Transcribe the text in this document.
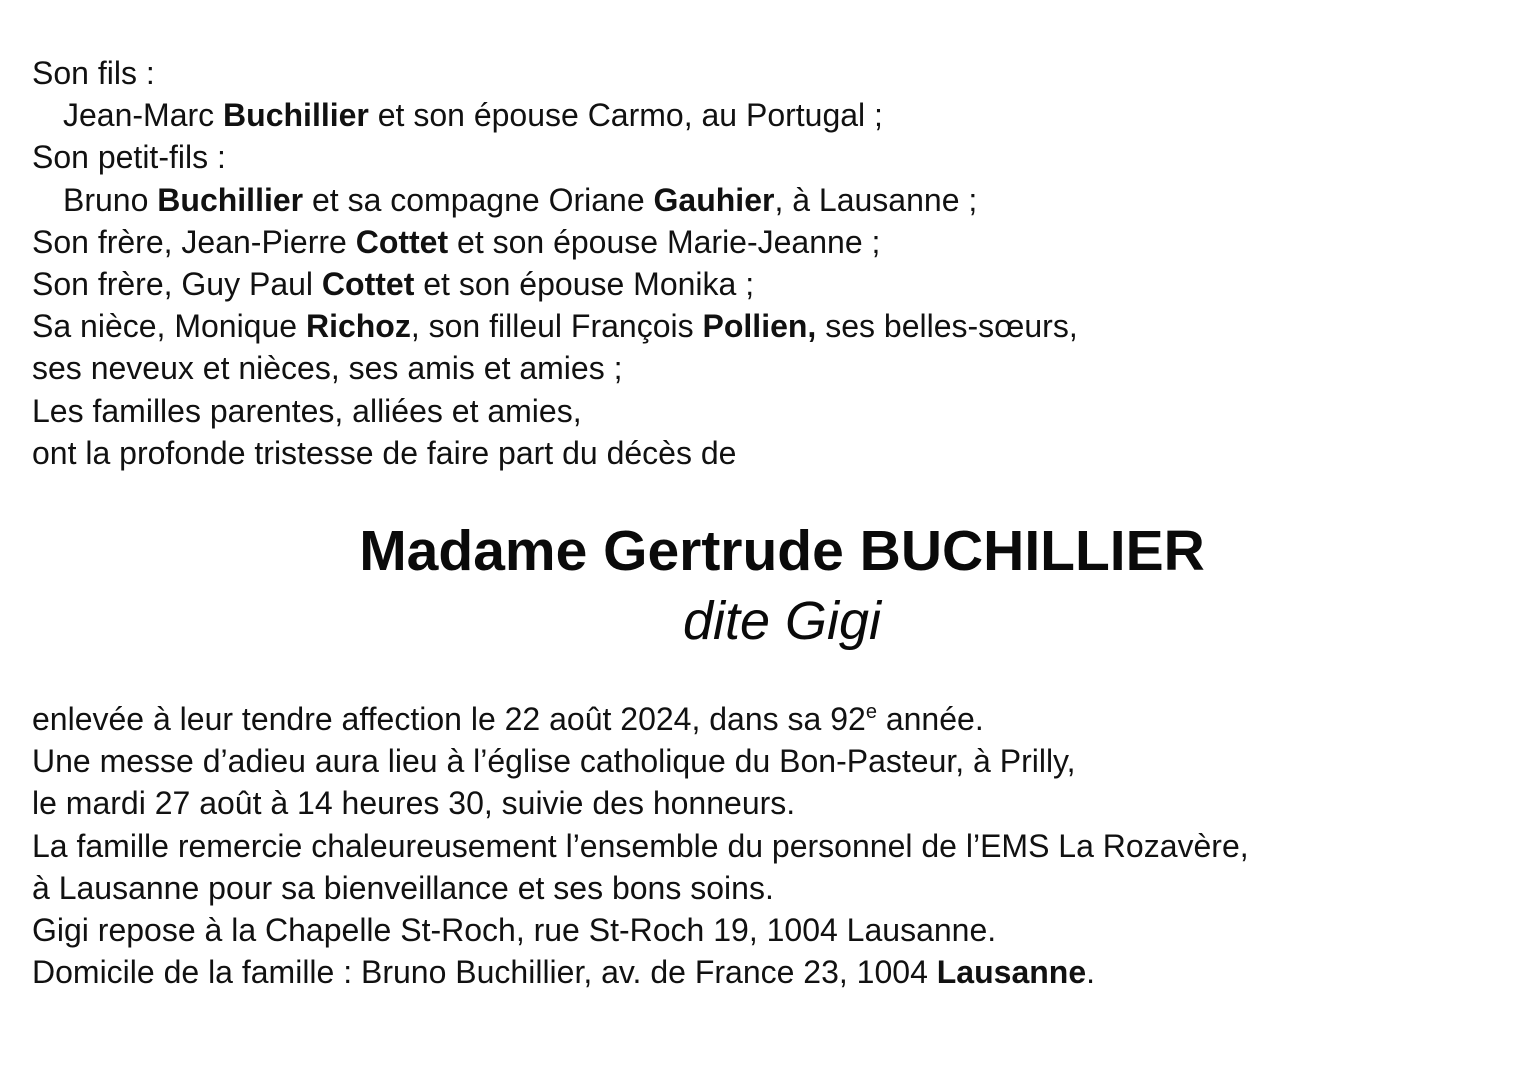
Son fils :
Jean-Marc Buchillier et son épouse Carmo, au Portugal ;
Son petit-fils :
Bruno Buchillier et sa compagne Oriane Gauhier, à Lausanne ;
Son frère, Jean-Pierre Cottet et son épouse Marie-Jeanne ;
Son frère, Guy Paul Cottet et son épouse Monika ;
Sa nièce, Monique Richoz, son filleul François Pollien, ses belles-sœurs,
ses neveux et nièces, ses amis et amies ;
Les familles parentes, alliées et amies,
ont la profonde tristesse de faire part du décès de
Madame Gertrude BUCHILLIER
dite Gigi
enlevée à leur tendre affection le 22 août 2024, dans sa 92e année.
Une messe d’adieu aura lieu à l’église catholique du Bon-Pasteur, à Prilly,
le mardi 27 août à 14 heures 30, suivie des honneurs.
La famille remercie chaleureusement l’ensemble du personnel de l’EMS La Rozavère,
à Lausanne pour sa bienveillance et ses bons soins.
Gigi repose à la Chapelle St-Roch, rue St-Roch 19, 1004 Lausanne.
Domicile de la famille : Bruno Buchillier, av. de France 23, 1004 Lausanne.
